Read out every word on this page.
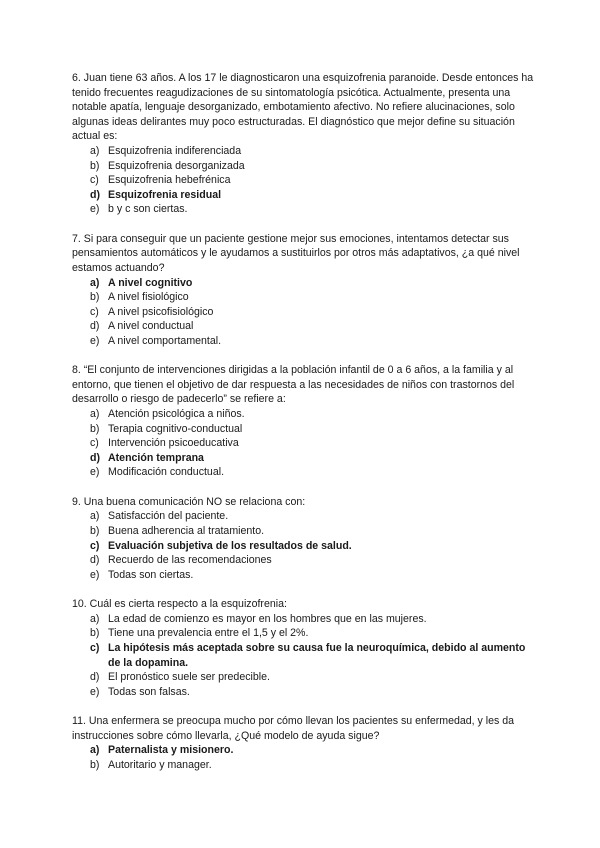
6. Juan tiene 63 años. A los 17 le diagnosticaron una esquizofrenia paranoide. Desde entonces ha tenido frecuentes reagudizaciones de su sintomatología psicótica. Actualmente, presenta una notable apatía, lenguaje desorganizado, embotamiento afectivo. No refiere alucinaciones, solo algunas ideas delirantes muy poco estructuradas. El diagnóstico que mejor define su situación actual es:

a) Esquizofrenia indiferenciada
b) Esquizofrenia desorganizada
c) Esquizofrenia hebefrénica
d) Esquizofrenia residual
e) b y c son ciertas.

7. Si para conseguir que un paciente gestione mejor sus emociones, intentamos detectar sus pensamientos automáticos y le ayudamos a sustituirlos por otros más adaptativos, ¿a qué nivel estamos actuando?

a) A nivel cognitivo
b) A nivel fisiológico
c) A nivel psicofisiológico
d) A nivel conductual
e) A nivel comportamental.

8. “El conjunto de intervenciones dirigidas a la población infantil de 0 a 6 años, a la familia y al entorno, que tienen el objetivo de dar respuesta a las necesidades de niños con trastornos del desarrollo o riesgo de padecerlo” se refiere a:

a) Atención psicológica a niños.
b) Terapia cognitivo-conductual
c) Intervención psicoeducativa
d) Atención temprana
e) Modificación conductual.

9. Una buena comunicación NO se relaciona con:

a) Satisfacción del paciente.
b) Buena adherencia al tratamiento.
c) Evaluación subjetiva de los resultados de salud.
d) Recuerdo de las recomendaciones
e) Todas son ciertas.

10. Cuál es cierta respecto a la esquizofrenia:

a) La edad de comienzo es mayor en los hombres que en las mujeres.
b) Tiene una prevalencia entre el 1,5 y el 2%.
c) La hipótesis más aceptada sobre su causa fue la neuroquímica, debido al aumento de la dopamina.
d) El pronóstico suele ser predecible.
e) Todas son falsas.

11. Una enfermera se preocupa mucho por cómo llevan los pacientes su enfermedad, y les da instrucciones sobre cómo llevarla, ¿Qué modelo de ayuda sigue?

a) Paternalista y misionero.
b) Autoritario y manager.
